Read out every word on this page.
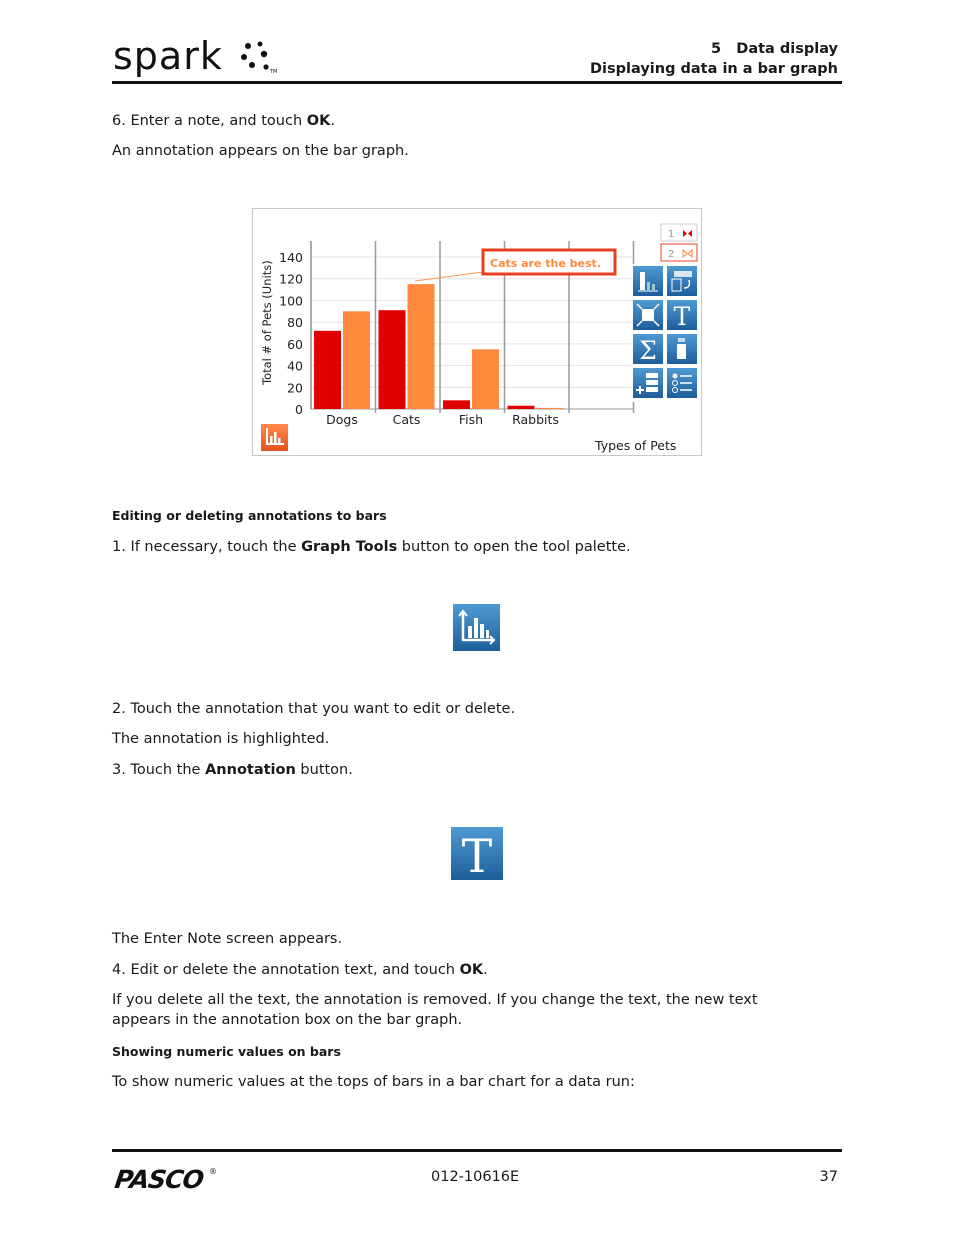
spark	TM
5   Data display
Displaying data in a bar graph
6. Enter a note, and touch OK.
An annotation appears on the bar graph.
0
20
40
60
80
100
120
140
Dogs	Cats	Fish Rabbits
Total # of Pets (Units)
Types of Pets
Cats are the best.
1
2
T
Σ
Editing or deleting annotations to bars
1. If necessary, touch the Graph Tools button to open the tool palette.
2. Touch the annotation that you want to edit or delete.
The annotation is highlighted.
3. Touch the Annotation button.
T
The Enter Note screen appears.
4. Edit or delete the annotation text, and touch OK.
If you delete all the text, the annotation is removed. If you change the text, the new text
appears in the annotation box on the bar graph.
Showing numeric values on bars
To show numeric values at the tops of bars in a bar chart for a data run:
PASCO ®	012-10616E	37
